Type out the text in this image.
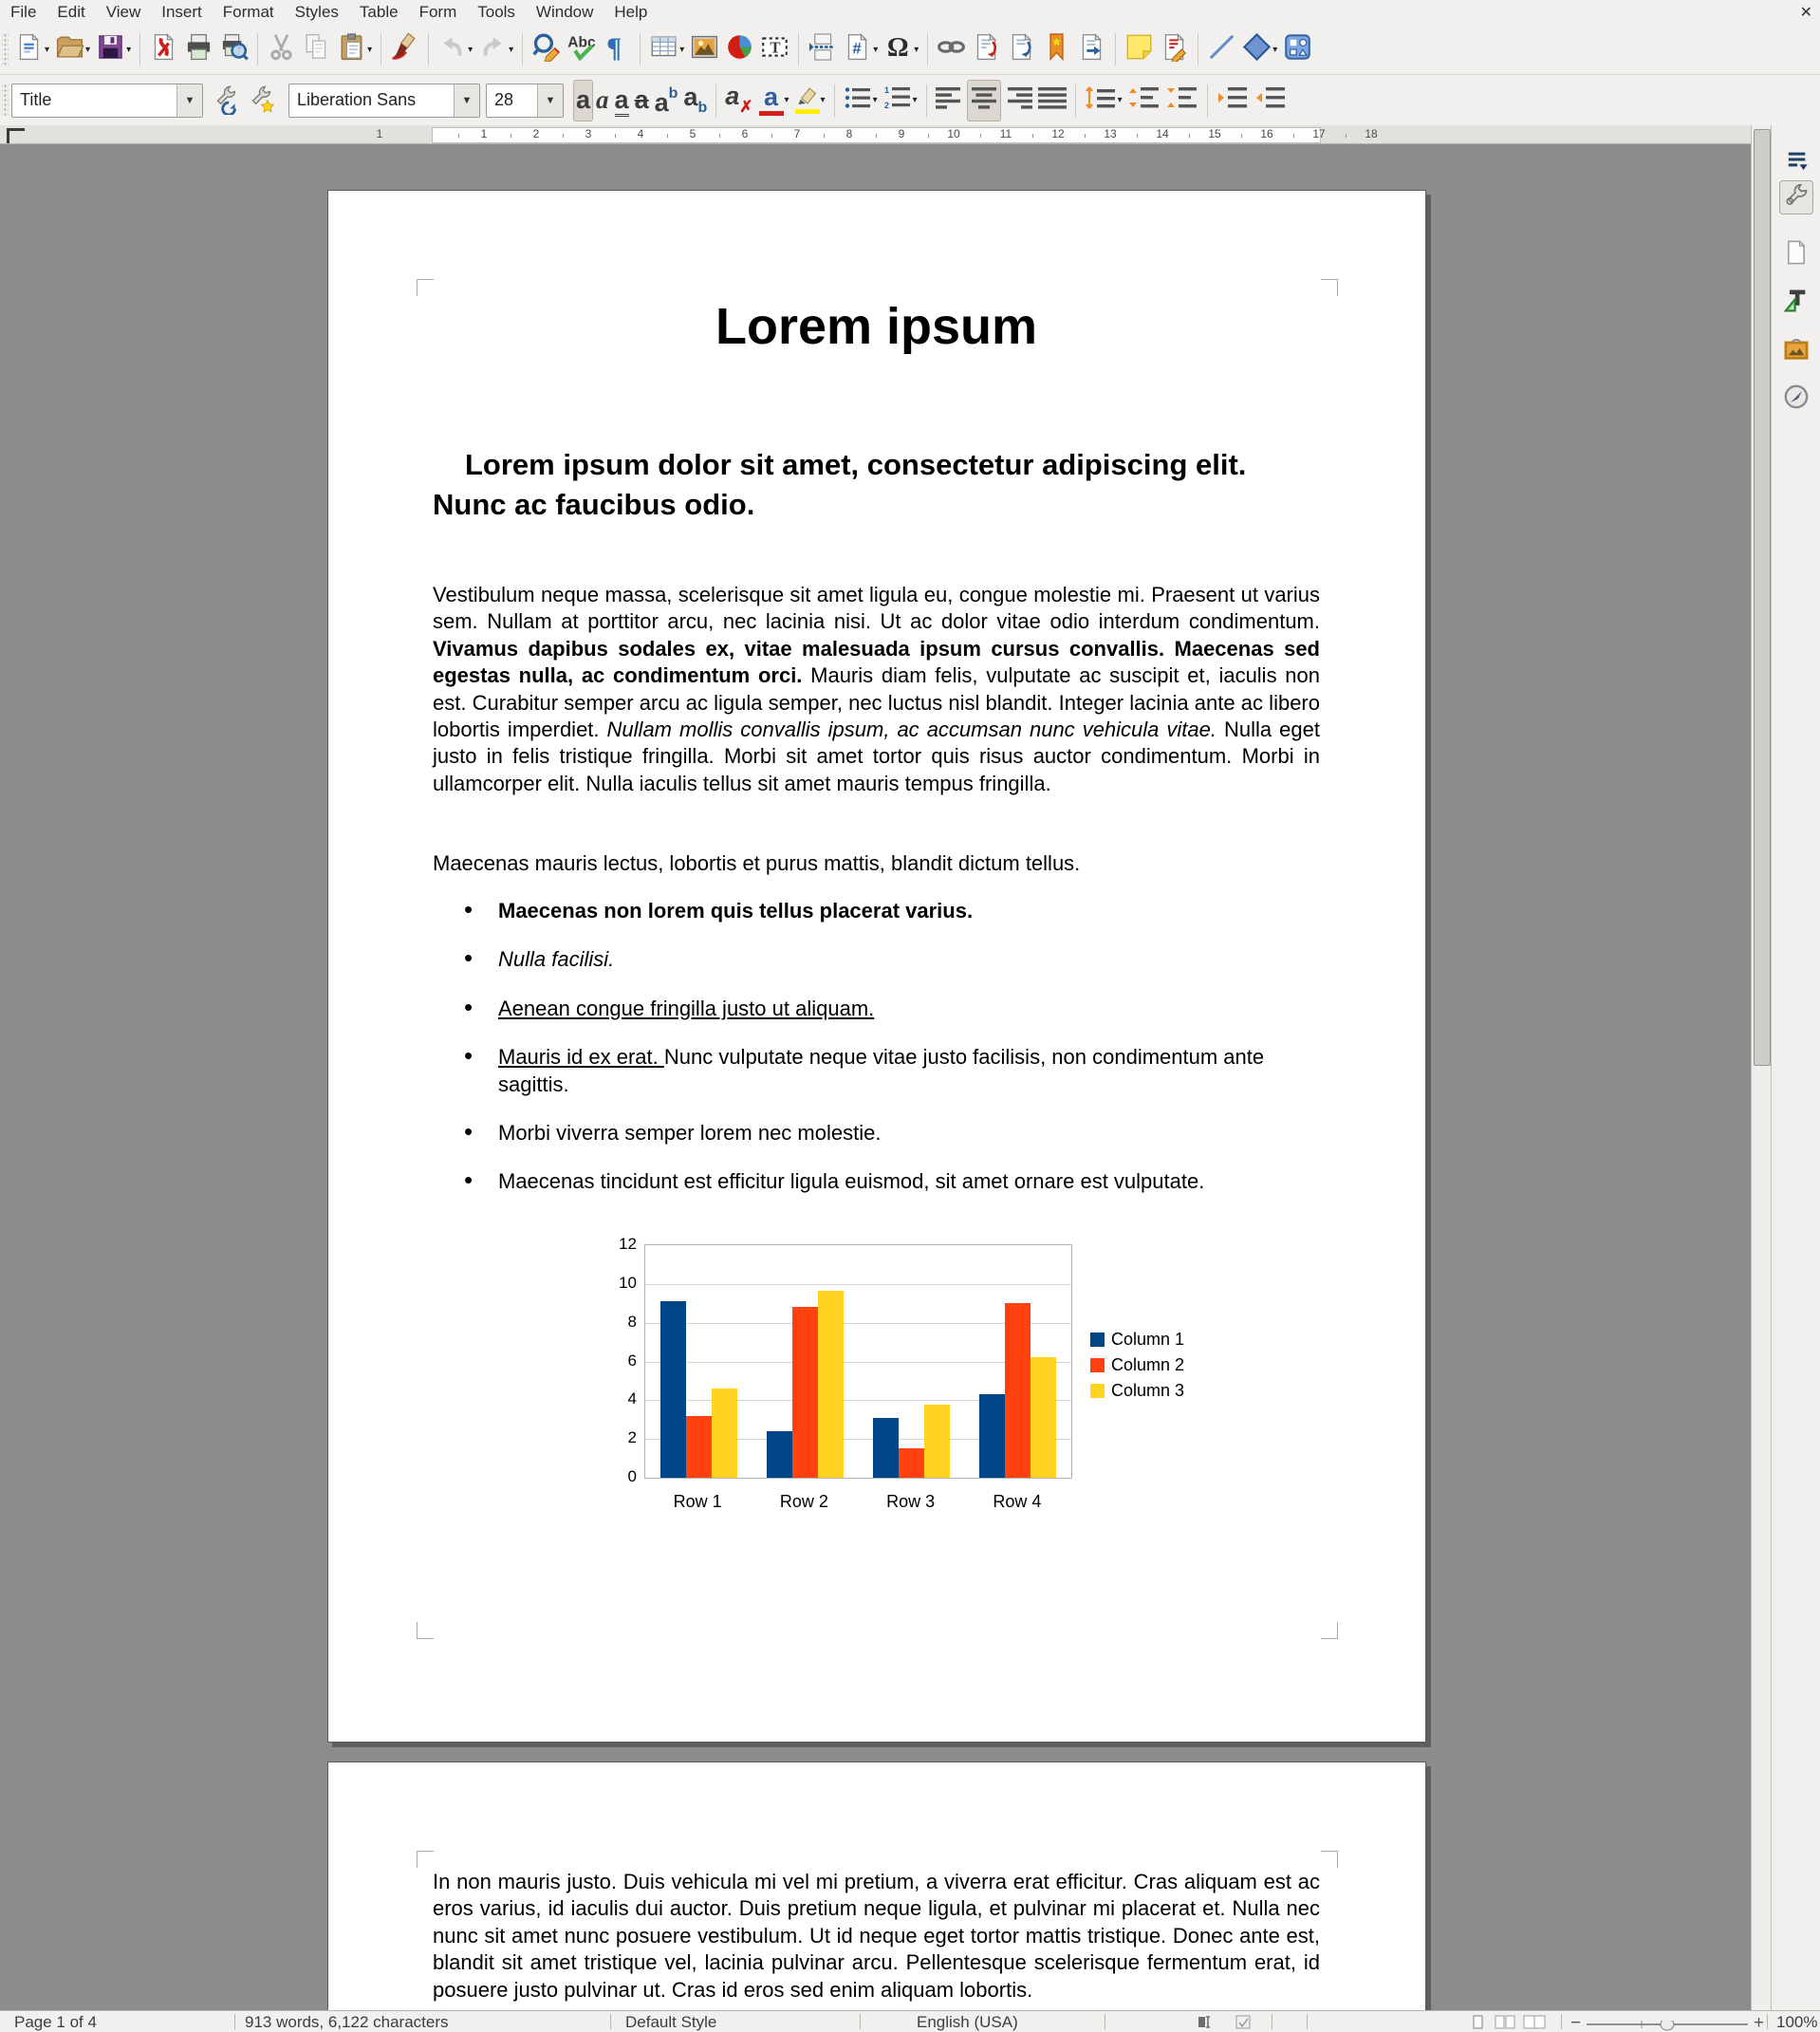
File	Edit	View	Insert	Format	Styles	Table	Form	Tools	Window	Help	✕
▾	▾	▾	▾	▾	▾	Abc ¶	▾	T	# ▾ Ω ▾	▾
Title	▼	Liberation Sans	▼	28	▼ a a a a ab ab a✗ a ▾	▾	▾
1
2 ▾	▾
1	1	2	3	4	5	6	7	8	9	10	11	12	13	14	15	16	17	18
Lorem ipsum
Lorem ipsum dolor sit amet, consectetur adipiscing elit. Nunc ac faucibus odio.
Vestibulum neque massa, scelerisque sit amet ligula eu, congue molestie mi. Praesent ut varius sem. Nullam at porttitor arcu, nec lacinia nisi. Ut ac dolor vitae odio interdum condimentum. Vivamus dapibus sodales ex, vitae malesuada ipsum cursus convallis. Maecenas sed egestas nulla, ac condimentum orci. Mauris diam felis, vulputate ac suscipit et, iaculis non est. Curabitur semper arcu ac ligula semper, nec luctus nisl blandit. Integer lacinia ante ac libero lobortis imperdiet. Nullam mollis convallis ipsum, ac accumsan nunc vehicula vitae. Nulla eget justo in felis tristique fringilla. Morbi sit amet tortor quis risus auctor condimentum. Morbi in ullamcorper elit. Nulla iaculis tellus sit amet mauris tempus fringilla.
Maecenas mauris lectus, lobortis et purus mattis, blandit dictum tellus.
• Maecenas non lorem quis tellus placerat varius.
• Nulla facilisi.
• Aenean congue fringilla justo ut aliquam.
• Mauris id ex erat. Nunc vulputate neque vitae justo facilisis, non condimentum ante sagittis.
• Morbi viverra semper lorem nec molestie.
• Maecenas tincidunt est efficitur ligula euismod, sit amet ornare est vulputate.
0
2
4
6
8
10
12
Row 1	Row 2	Row 3	Row 4
Column 1
Column 2
Column 3
In non mauris justo. Duis vehicula mi vel mi pretium, a viverra erat efficitur. Cras aliquam est ac eros varius, id iaculis dui auctor. Duis pretium neque ligula, et pulvinar mi placerat et. Nulla nec nunc sit amet nunc posuere vestibulum. Ut id neque eget tortor mattis tristique. Donec ante est, blandit sit amet tristique vel, lacinia pulvinar arcu. Pellentesque scelerisque fermentum erat, id posuere justo pulvinar ut. Cras id eros sed enim aliquam lobortis.
Page 1 of 4	913 words, 6,122 characters	Default Style	English (USA)	−	+ 100%
